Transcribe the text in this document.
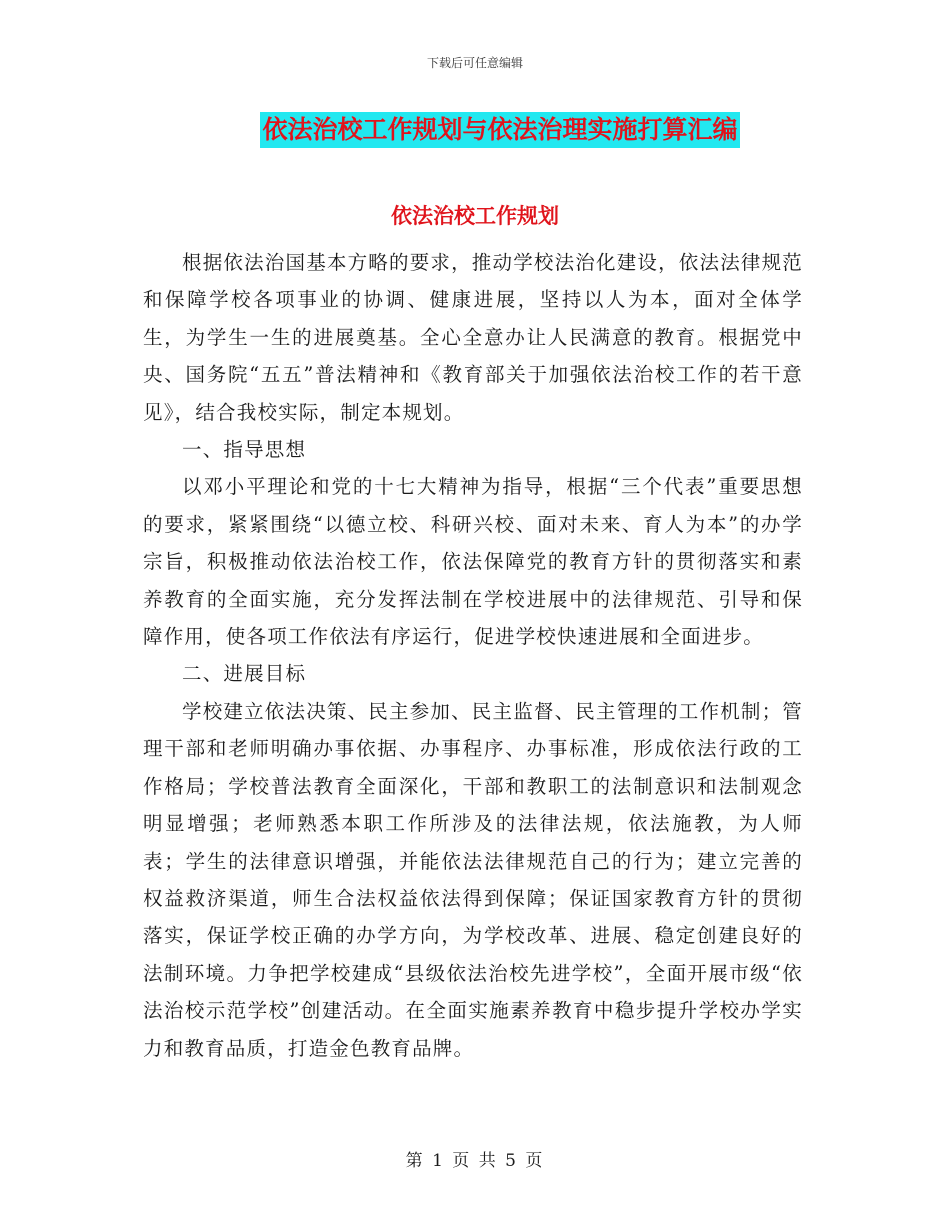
下载后可任意编辑
依法治校工作规划与依法治理实施打算汇编
依法治校工作规划

根据依法治国基本方略的要求，推动学校法治化建设，依法法律规范和保障学校各项事业的协调、健康进展，坚持以人为本，面对全体学生，为学生一生的进展奠基。全心全意办让人民满意的教育。根据党中央、国务院“五五”普法精神和《教育部关于加强依法治校工作的若干意见》，结合我校实际，制定本规划。

一、指导思想

以邓小平理论和党的十七大精神为指导，根据“三个代表”重要思想的要求，紧紧围绕“以德立校、科研兴校、面对未来、育人为本”的办学宗旨，积极推动依法治校工作，依法保障党的教育方针的贯彻落实和素养教育的全面实施，充分发挥法制在学校进展中的法律规范、引导和保障作用，使各项工作依法有序运行，促进学校快速进展和全面进步。

二、进展目标

学校建立依法决策、民主参加、民主监督、民主管理的工作机制；管理干部和老师明确办事依据、办事程序、办事标准，形成依法行政的工作格局；学校普法教育全面深化，干部和教职工的法制意识和法制观念明显增强；老师熟悉本职工作所涉及的法律法规，依法施教，为人师表；学生的法律意识增强，并能依法法律规范自己的行为；建立完善的权益救济渠道，师生合法权益依法得到保障；保证国家教育方针的贯彻落实，保证学校正确的办学方向，为学校改革、进展、稳定创建良好的法制环境。力争把学校建成“县级依法治校先进学校”，全面开展市级“依法治校示范学校”创建活动。在全面实施素养教育中稳步提升学校办学实力和教育品质，打造金色教育品牌。

第 1 页 共 5 页
